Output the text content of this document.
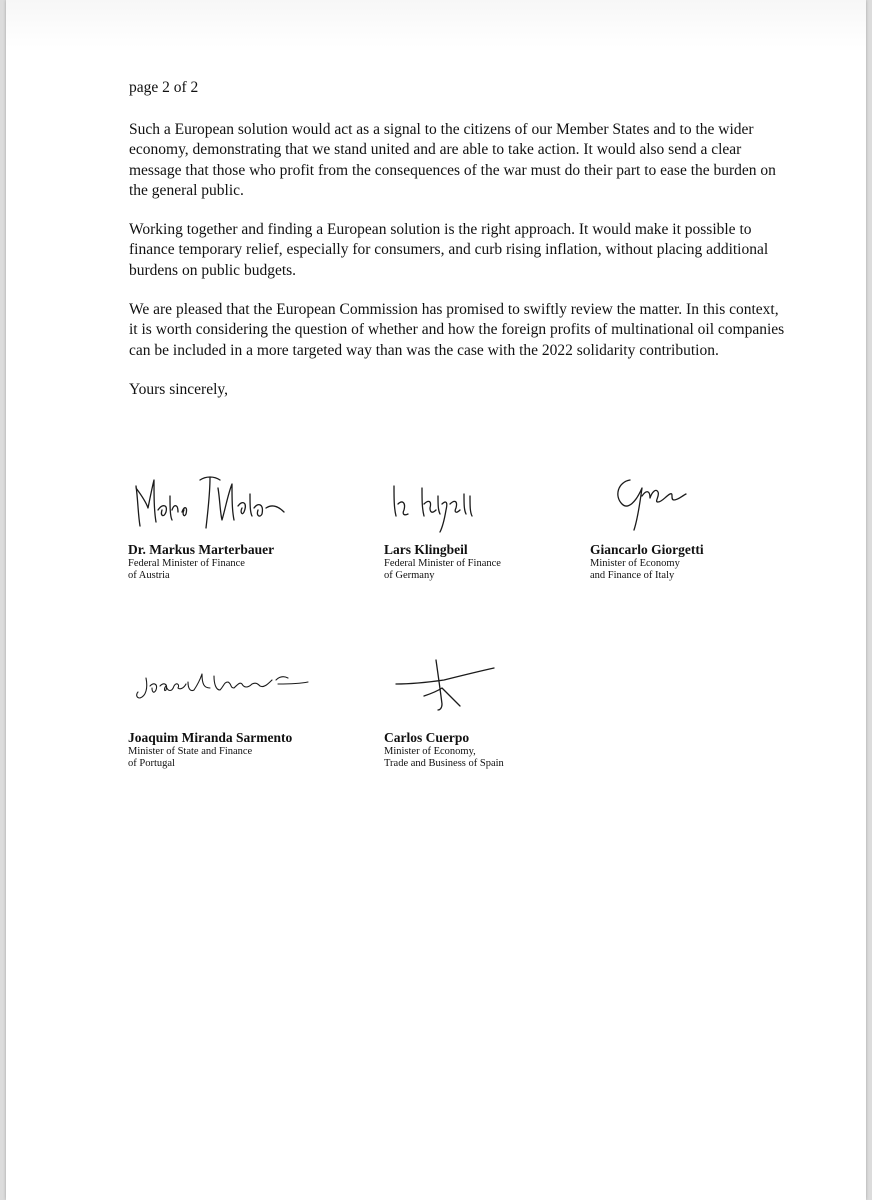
page 2 of 2

Such a European solution would act as a signal to the citizens of our Member States and to the wider economy, demonstrating that we stand united and are able to take action. It would also send a clear message that those who profit from the consequences of the war must do their part to ease the burden on the general public.

Working together and finding a European solution is the right approach. It would make it possible to finance temporary relief, especially for consumers, and curb rising inflation, without placing additional burdens on public budgets.

We are pleased that the European Commission has promised to swiftly review the matter. In this context, it is worth considering the question of whether and how the foreign profits of multinational oil companies can be included in a more targeted way than was the case with the 2022 solidarity contribution.

Yours sincerely,

Dr. Markus Marterbauer
Federal Minister of Finance
of Austria
Lars Klingbeil
Federal Minister of Finance
of Germany
Giancarlo Giorgetti
Minister of Economy
and Finance of Italy
Joaquim Miranda Sarmento
Minister of State and Finance
of Portugal
Carlos Cuerpo
Minister of Economy,
Trade and Business of Spain
